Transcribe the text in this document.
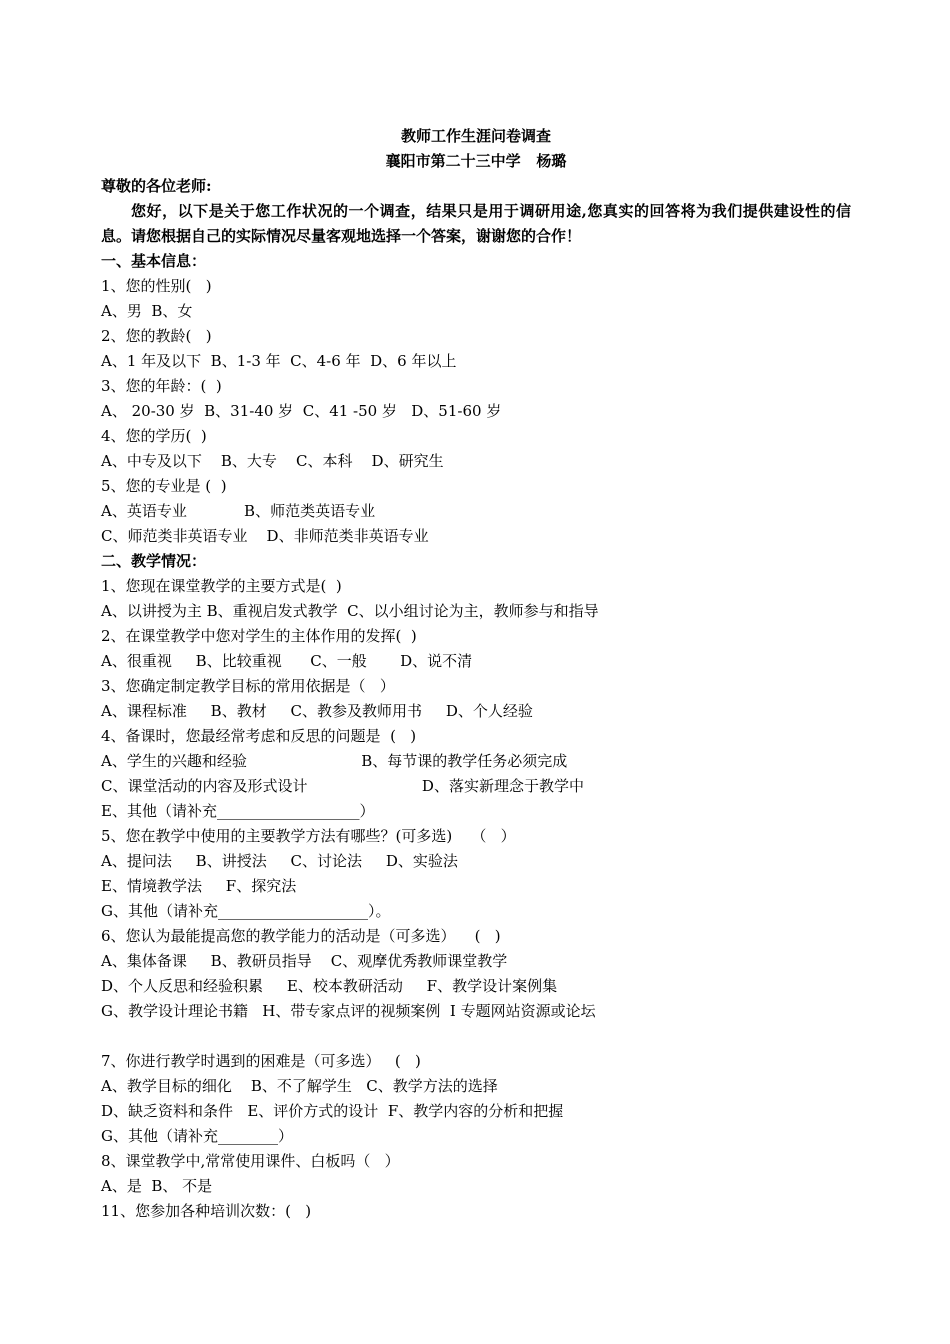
教师工作生涯问卷调查
襄阳市第二十三中学   杨璐
尊敬的各位老师:
您好，以下是关于您工作状况的一个调查，结果只是用于调研用途,您真实的回答将为我们提供建设性的信息。请您根据自己的实际情况尽量客观地选择一个答案，谢谢您的合作！
一、基本信息：
1、您的性别(   )
A、男  B、女
2、您的教龄(   )
A、1 年及以下  B、1-3 年  C、4-6 年  D、6 年以上
3、您的年龄：(  )
A、 20-30 岁  B、31-40 岁  C、41 -50 岁   D、51-60 岁
4、您的学历(  )
A、中专及以下    B、大专    C、本科    D、研究生
5、您的专业是 (  )
A、英语专业            B、师范类英语专业
C、师范类非英语专业    D、非师范类非英语专业
二、教学情况：
1、您现在课堂教学的主要方式是(  )
A、以讲授为主 B、重视启发式教学  C、以小组讨论为主，教师参与和指导
2、在课堂教学中您对学生的主体作用的发挥(  )
A、很重视     B、比较重视      C、一般       D、说不清
3、您确定制定教学目标的常用依据是（   ）
A、课程标准     B、教材     C、教参及教师用书     D、个人经验
4、备课时，您最经常考虑和反思的问题是  (   )
A、学生的兴趣和经验                        B、每节课的教学任务必须完成
C、课堂活动的内容及形式设计                        D、落实新理念于教学中
E、其他（请补充___________________）
5、您在教学中使用的主要教学方法有哪些？(可多选)    （   ）
A、提问法     B、讲授法     C、讨论法     D、实验法
E、情境教学法     F、探究法
G、其他（请补充____________________）。
6、您认为最能提高您的教学能力的活动是（可多选）    (   )
A、集体备课     B、教研员指导    C、观摩优秀教师课堂教学
D、个人反思和经验积累     E、校本教研活动     F、教学设计案例集
G、教学设计理论书籍   H、带专家点评的视频案例  I 专题网站资源或论坛
7、你进行教学时遇到的困难是（可多选）   (   )
A、教学目标的细化    B、不了解学生   C、教学方法的选择
D、缺乏资料和条件   E、评价方式的设计  F、教学内容的分析和把握
G、其他（请补充________）
8、课堂教学中,常常使用课件、白板吗（   ）
A、是  B、 不是
11、您参加各种培训次数：(   )
